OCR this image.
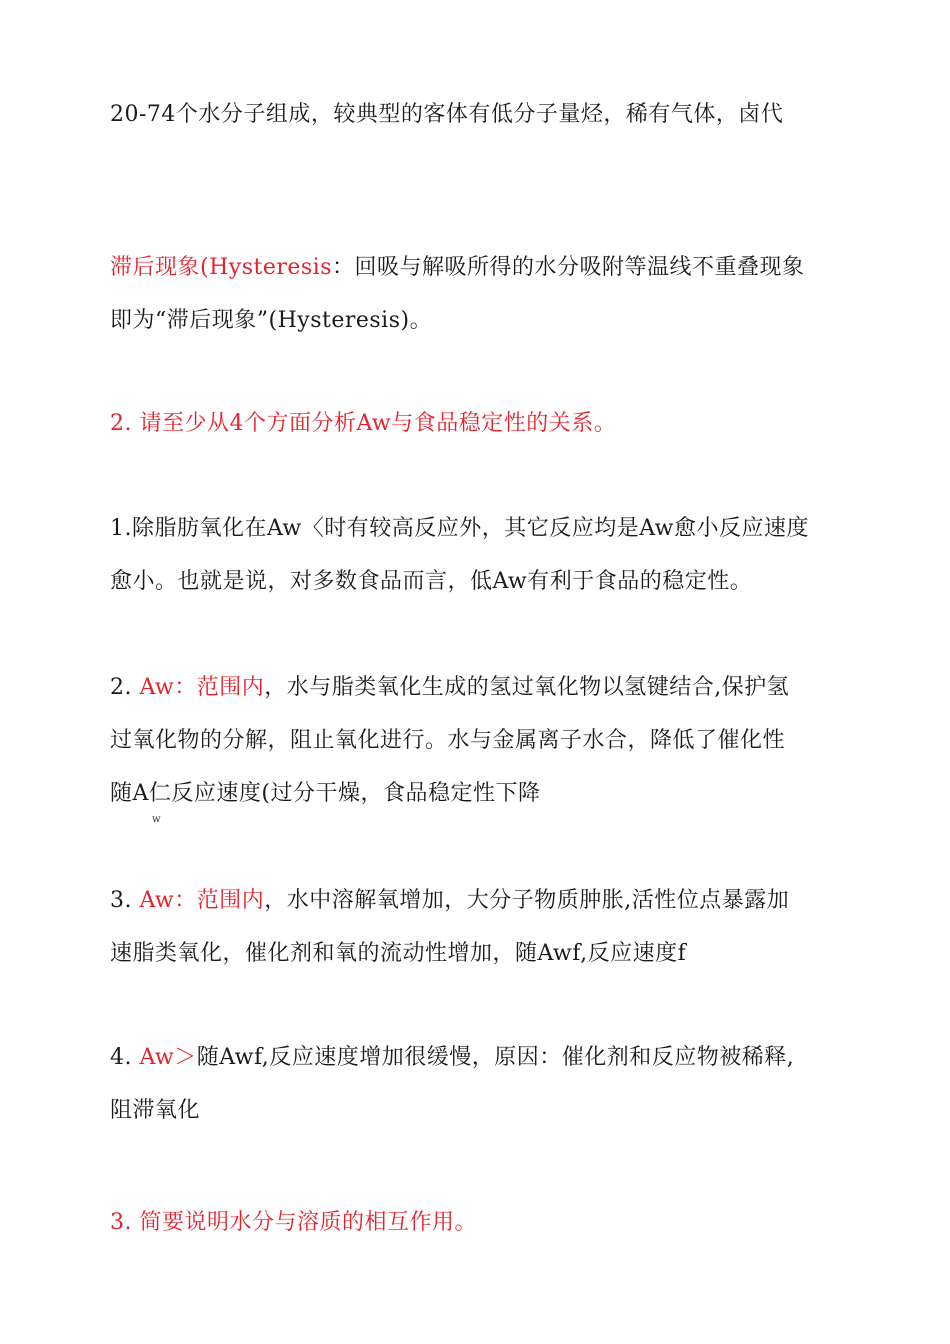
20-74个水分子组成，较典型的客体有低分子量烃，稀有气体，卤代
滞后现象(Hysteresis：回吸与解吸所得的水分吸附等温线不重叠现象
即为“滞后现象”(Hysteresis)。
2. 请至少从4个方面分析Aw与食品稳定性的关系。
1.除脂肪氧化在Aw〈时有较高反应外，其它反应均是Aw愈小反应速度
愈小。也就是说，对多数食品而言，低Aw有利于食品的稳定性。
2. Aw：范围内，水与脂类氧化生成的氢过氧化物以氢键结合,保护氢
过氧化物的分解，阻止氧化进行。水与金属离子水合，降低了催化性
随A仁反应速度(过分干燥，食品稳定性下降
w
3. Aw：范围内，水中溶解氧增加，大分子物质肿胀,活性位点暴露加
速脂类氧化，催化剂和氧的流动性增加，随Awf,反应速度f
4. Aw＞随Awf,反应速度增加很缓慢，原因：催化剂和反应物被稀释,
阻滞氧化
3. 简要说明水分与溶质的相互作用。
